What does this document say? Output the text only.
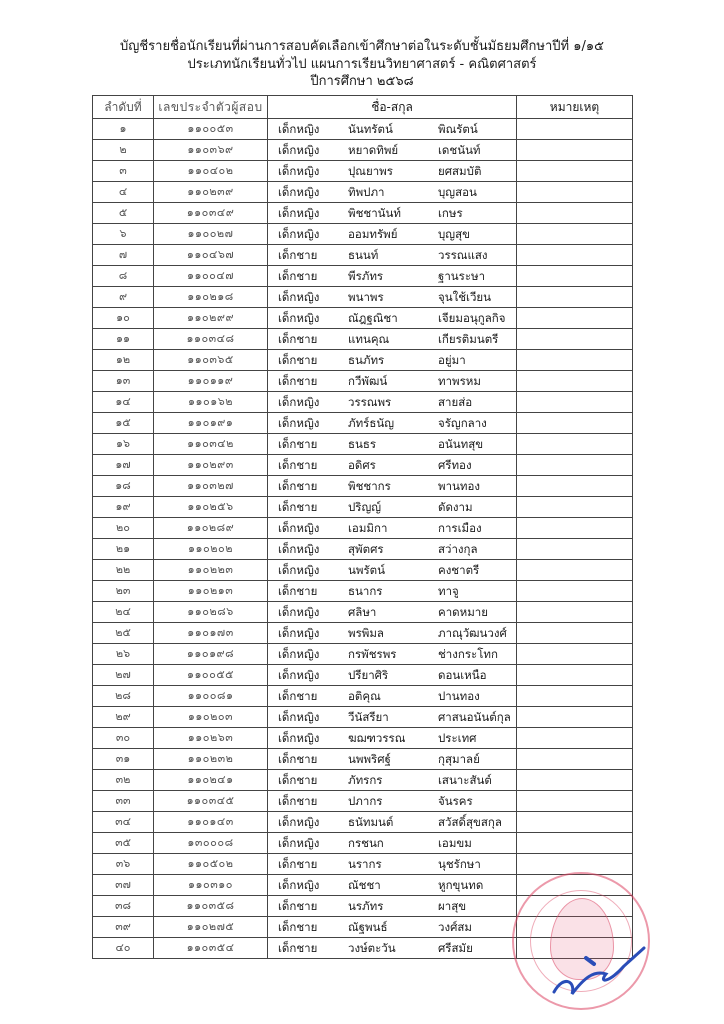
บัญชีรายชื่อนักเรียนที่ผ่านการสอบคัดเลือกเข้าศึกษาต่อในระดับชั้นมัธยมศึกษาปีที่ ๑/๑๕
ประเภทนักเรียนทั่วไป แผนการเรียนวิทยาศาสตร์ - คณิตศาสตร์
ปีการศึกษา ๒๕๖๘
ลำดับที่	เลขประจำตัวผู้สอบ	ชื่อ-สกุล	หมายเหตุ
๑	๑๑๐๐๕๓	เด็กหญิง นันทรัตน์ พิณรัตน์	

๒	๑๑๐๓๖๙	เด็กหญิง หยาดทิพย์ เดชนันท์	

๓	๑๑๐๔๐๒	เด็กหญิง ปุณยาพร ยศสมบัติ	

๔	๑๑๐๒๓๙	เด็กหญิง ทิพปภา บุญสอน	

๕	๑๑๐๓๔๙	เด็กหญิง พิชชานันท์ เกษร	

๖	๑๑๐๐๒๗	เด็กหญิง ออมทรัพย์ บุญสุข	

๗	๑๑๐๔๖๗	เด็กชาย ธนนท์ วรรณแสง	

๘	๑๑๐๐๔๗	เด็กชาย พีรภัทร ฐานระษา	

๙	๑๑๐๒๑๘	เด็กหญิง พนาพร จุนใช้เวียน	

๑๐	๑๑๐๒๙๙	เด็กหญิง ณัฎฐณิชา เจียมอนุกูลกิจ	

๑๑	๑๑๐๓๔๘	เด็กชาย แทนคุณ เกียรติมนตรี	

๑๒	๑๑๐๓๖๕	เด็กชาย ธนภัทร อยู่มา	

๑๓	๑๑๐๑๑๙	เด็กชาย กวีพัฒน์ ทาพรหม	

๑๔	๑๑๐๑๖๒	เด็กหญิง วรรณพร สายส่อ	

๑๕	๑๑๐๑๙๑	เด็กหญิง ภัทร์ธนัญ จรัญกลาง	

๑๖	๑๑๐๓๔๒	เด็กชาย ธนธร อนันทสุข	

๑๗	๑๑๐๒๙๓	เด็กชาย อดิศร ศรีทอง	

๑๘	๑๑๐๓๒๗	เด็กชาย พิชชากร พานทอง	

๑๙	๑๑๐๒๕๖	เด็กชาย ปริญญ์ ดัดงาม	

๒๐	๑๑๐๒๘๙	เด็กหญิง เอมมิกา การเมือง	

๒๑	๑๑๐๒๐๒	เด็กหญิง สุพัตศร สว่างกุล	

๒๒	๑๑๐๒๒๓	เด็กหญิง นพรัตน์ คงชาตรี	

๒๓	๑๑๐๒๑๓	เด็กชาย ธนากร ทาจู	

๒๔	๑๑๐๒๘๖	เด็กหญิง ศลิษา คาดหมาย	

๒๕	๑๑๐๑๗๓	เด็กหญิง พรพิมล ภาณุวัฒนวงศ์	

๒๖	๑๑๐๑๙๘	เด็กหญิง กรพัชรพร ช่างกระโทก	

๒๗	๑๑๐๐๕๕	เด็กหญิง ปรียาศิริ ดอนเหนือ	

๒๘	๑๑๐๐๘๑	เด็กชาย อติคุณ ปานทอง	

๒๙	๑๑๐๒๐๓	เด็กหญิง วีนัสรียา ศาสนอนันต์กุล	

๓๐	๑๑๐๒๖๓	เด็กหญิง ฆฌฑวรรณ ประเทศ	

๓๑	๑๑๐๒๓๒	เด็กชาย นพพริศฐ์ กุสุมาลย์	

๓๒	๑๑๐๒๔๑	เด็กชาย ภัทรกร เสนาะสันต์	

๓๓	๑๑๐๓๔๕	เด็กชาย ปภากร จันรคร	

๓๔	๑๑๐๑๔๓	เด็กหญิง ธนัทมนต์ สวัสดิ์สุขสกุล	

๓๕	๑๓๐๐๐๘	เด็กหญิง กรชนก เอมขม	

๓๖	๑๑๐๕๐๒	เด็กชาย นรากร นุชรักษา	

๓๗	๑๑๐๓๑๐	เด็กหญิง ณัชชา หูกขุนทด	

๓๘	๑๑๐๓๕๘	เด็กชาย นรภัทร ผาสุข	

๓๙	๑๑๐๒๗๕	เด็กชาย ณัฐพนธ์ วงศ์สม	

๔๐	๑๑๐๓๕๔	เด็กชาย วงษ์ตะวัน ศรีสมัย	
